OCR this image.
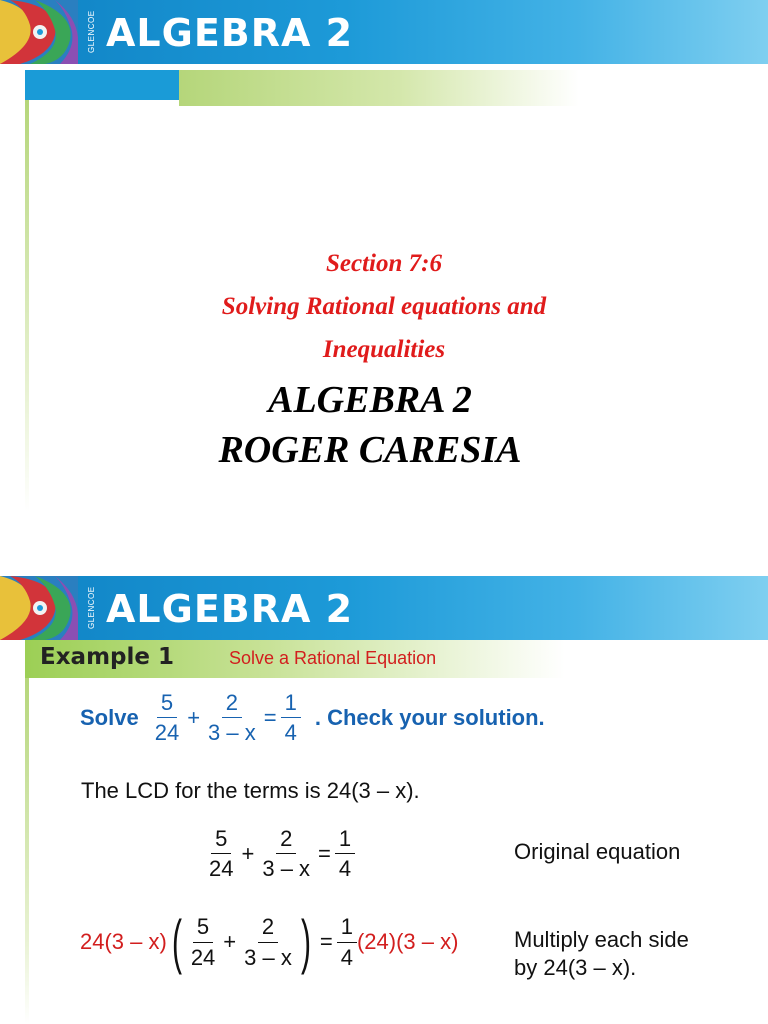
GLENCOE ALGEBRA 2
Section 7:6
Solving Rational equations and
Inequalities
ALGEBRA 2
ROGER CARESIA
GLENCOE ALGEBRA 2
Example 1	Solve a Rational Equation
Solve $\frac{5}{24} + \frac{2}{3 - x} = \frac{1}{4}$ . Check your solution.
The LCD for the terms is 24(3 – x).
$\frac{5}{24} + \frac{2}{3 - x} = \frac{1}{4}$	Original equation
24(3 – x) ( $\frac{5}{24} + \frac{2}{3 - x}$ ) = $\frac{1}{4} (24)(3 - x)$	Multiply each side
by 24(3 – x).
